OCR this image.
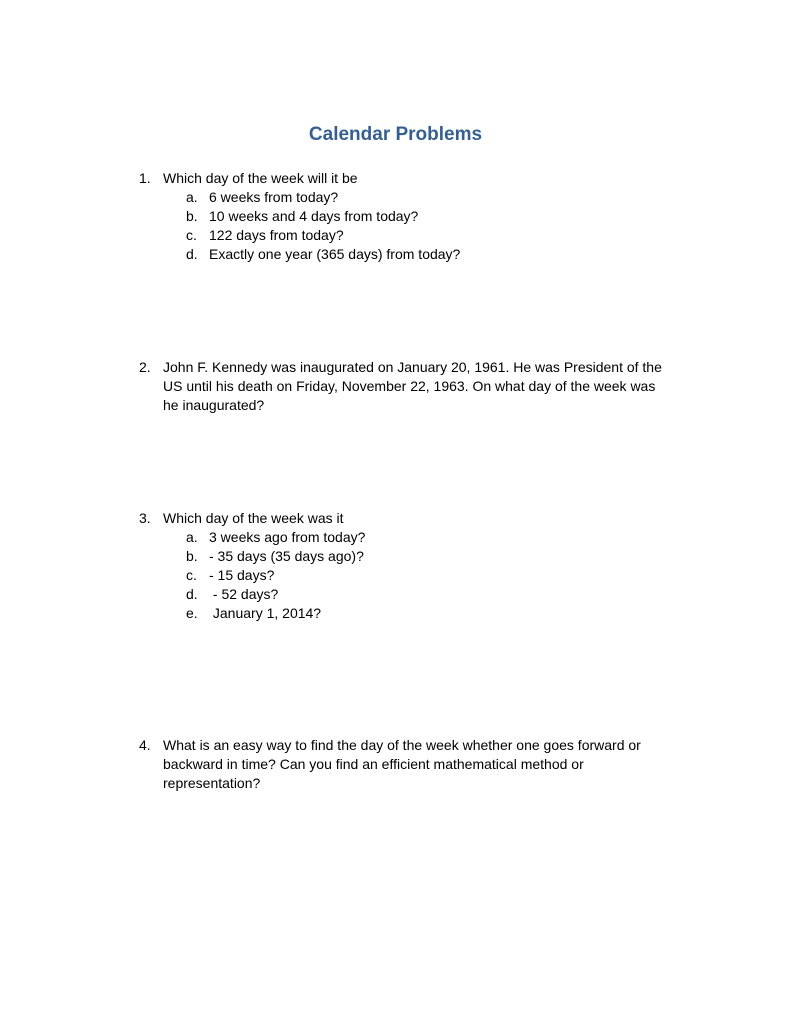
Calendar Problems
1. Which day of the week will it be
a. 6 weeks from today?
b. 10 weeks and 4 days from today?
c. 122 days from today?
d. Exactly one year (365 days) from today?
2. John F. Kennedy was inaugurated on January 20, 1961. He was President of the
US until his death on Friday, November 22, 1963. On what day of the week was
he inaugurated?
3. Which day of the week was it
a. 3 weeks ago from today?
b. - 35 days (35 days ago)?
c. - 15 days?
d. - 52 days?
e. January 1, 2014?
4. What is an easy way to find the day of the week whether one goes forward or
backward in time? Can you find an efficient mathematical method or
representation?
